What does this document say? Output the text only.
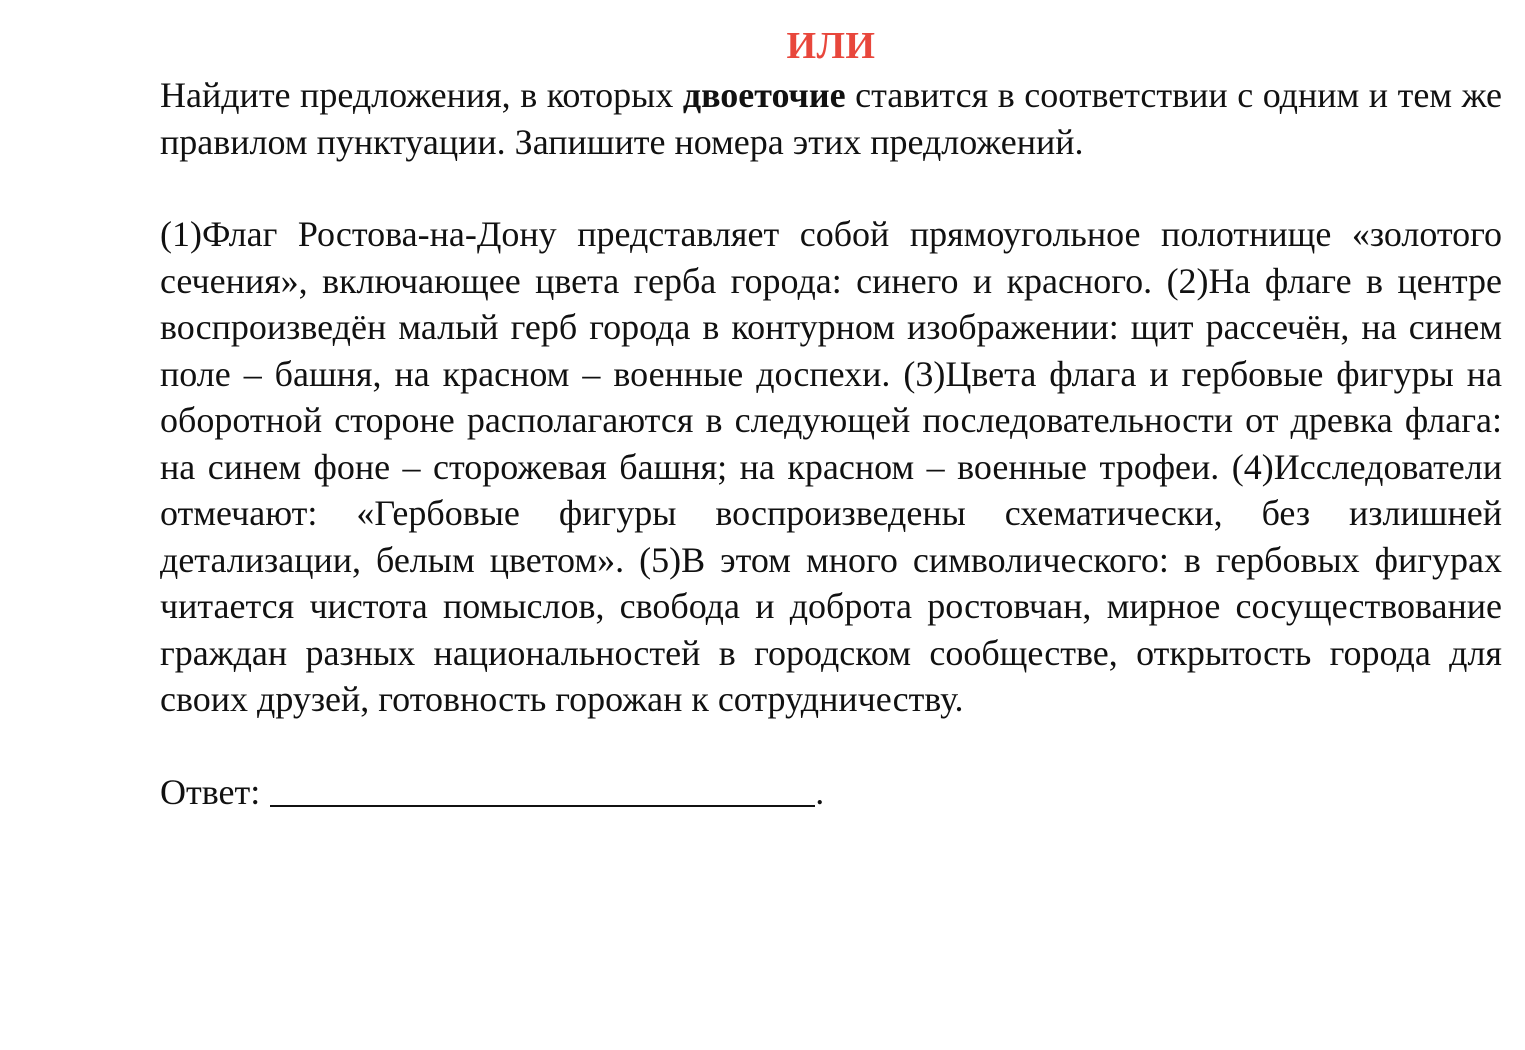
ИЛИ

Найдите предложения, в которых двоеточие ставится в соответствии с одним и тем же правилом пунктуации. Запишите номера этих предложений.

(1)Флаг Ростова-на-Дону представляет собой прямоугольное полотнище «золотого сечения», включающее цвета герба города: синего и красного. (2)На флаге в центре воспроизведён малый герб города в контурном изображении: щит рассечён, на синем поле – башня, на красном – военные доспехи. (3)Цвета флага и гербовые фигуры на оборотной стороне располагаются в следующей последовательности от древка флага: на синем фоне – сторожевая башня; на красном – военные трофеи. (4)Исследователи отмечают: «Гербовые фигуры воспроизведены схематически, без излишней детализации, белым цветом». (5)В этом много символического: в гербовых фигурах читается чистота помыслов, свобода и доброта ростовчан, мирное сосуществование граждан разных национальностей в городском сообществе, открытость города для своих друзей, готовность горожан к сотрудничеству.

Ответ:	.
